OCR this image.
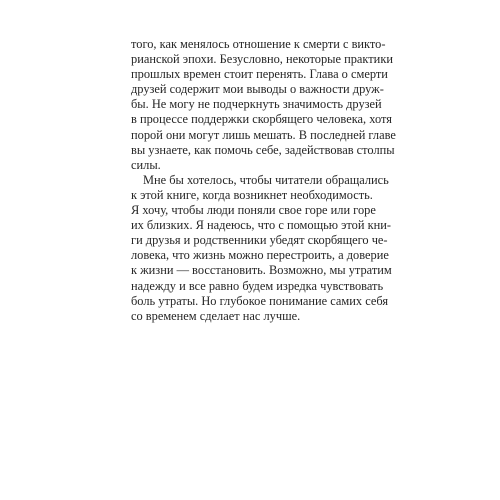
того, как менялось отношение к смерти с викто-
рианской эпохи. Безусловно, некоторые практики
прошлых времен стоит перенять. Глава о смерти
друзей содержит мои выводы о важности друж-
бы. Не могу не подчеркнуть значимость друзей
в процессе поддержки скорбящего человека, хотя
порой они могут лишь мешать. В последней главе
вы узнаете, как помочь себе, задействовав столпы
силы.
Мне бы хотелось, чтобы читатели обращались
к этой книге, когда возникнет необходимость.
Я хочу, чтобы люди поняли свое горе или горе
их близких. Я надеюсь, что с помощью этой кни-
ги друзья и родственники убедят скорбящего че-
ловека, что жизнь можно перестроить, а доверие
к жизни — восстановить. Возможно, мы утратим
надежду и все равно будем изредка чувствовать
боль утраты. Но глубокое понимание самих себя
со временем сделает нас лучше.
